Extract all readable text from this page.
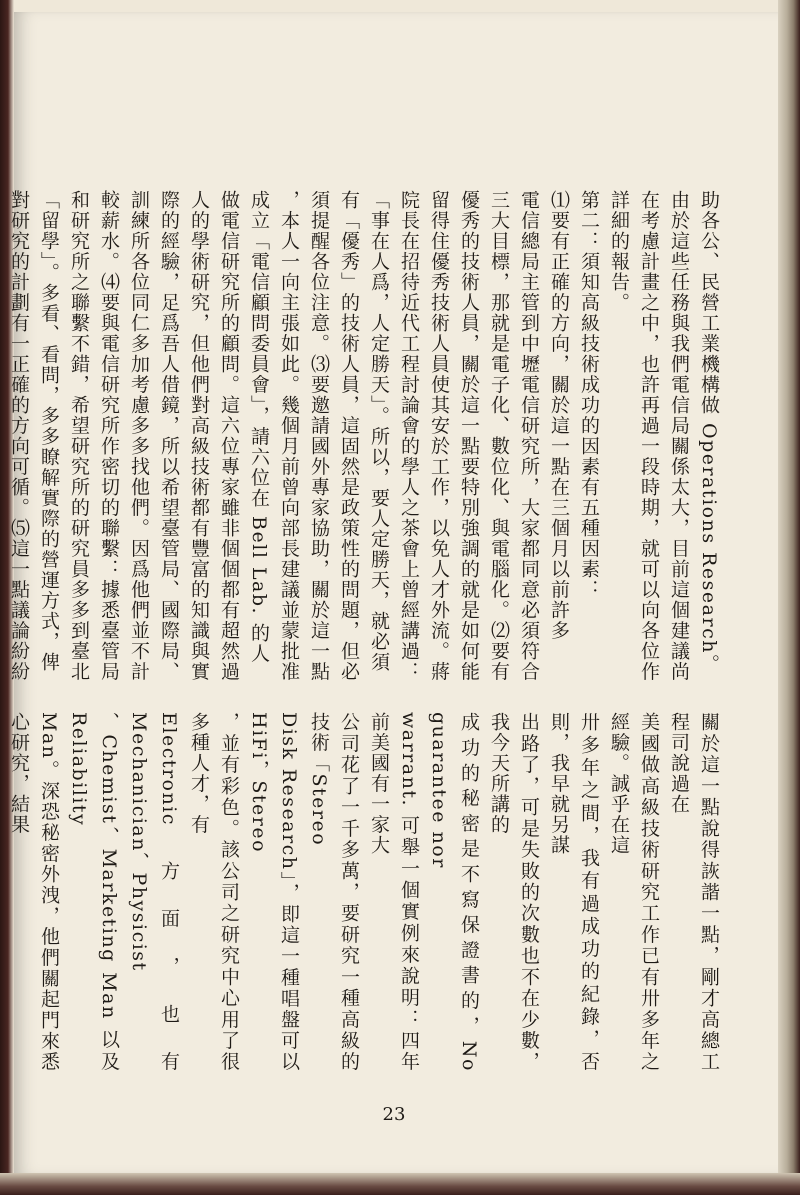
助各公、民營工業機構做 Operations Research。

由於這些任務與我們電信局關係太大，目前這個建議尚

在考慮計畫之中，也許再過一段時期，就可以向各位作

詳細的報告。

第二：須知高級技術成功的因素有五種因素：

⑴要有正確的方向，關於這一點在三個月以前許多

電信總局主管到中壢電信研究所，大家都同意必須符合

三大目標，那就是電子化、數位化、與電腦化。⑵要有

優秀的技術人員，關於這一點要特別強調的就是如何能

留得住優秀技術人員使其安於工作，以免人才外流。蔣

院長在招待近代工程討論會的學人之茶會上曾經講過：

「事在人爲，人定勝天」。所以，要人定勝天，就必須

有「優秀」的技術人員，這固然是政策性的問題，但必

須提醒各位注意。⑶要邀請國外專家協助，關於這一點

，本人一向主張如此。幾個月前曾向部長建議並蒙批准

成立「電信顧問委員會」，請六位在 Bell Lab. 的人

做電信研究所的顧問。這六位專家雖非個個都有超然過

人的學術研究，但他們對高級技術都有豐富的知識與實

際的經驗，足爲吾人借鏡，所以希望臺管局、國際局、

訓練所各位同仁多加考慮多多找他們。因爲他們並不計

較薪水。⑷要與電信研究所作密切的聯繫：據悉臺管局

和研究所之聯繫不錯，希望研究所的研究員多多到臺北

「留學」。多看、看問，多多瞭解實際的營運方式，俾

對研究的計劃有一正確的方向可循。⑸這一點議論紛紛

關於這一點說得詼諧一點，剛才高總工程司說過在

美國做高級技術研究工作已有卅多年之經驗。誠乎在這

卅多年之間，我有過成功的紀錄，否則，我早就另謀

出路了，可是失敗的次數也不在少數，我今天所講的

成功的秘密是不寫保證書的，No guarantee nor

warrant. 可舉一個實例來說明：四年前美國有一家大

公司花了一千多萬，要研究一種高級的技術「Stereo

Disk Research」，即這一種唱盤可以 HiFi，Stereo

，並有彩色。該公司之研究中心用了很多種人才，有

Electronic 方面，也有 Mechanician、Physicist

、Chemist、Marketing Man 以及 Reliability

Man。深恐秘密外洩，他們關起門來悉心研究，結果

23
